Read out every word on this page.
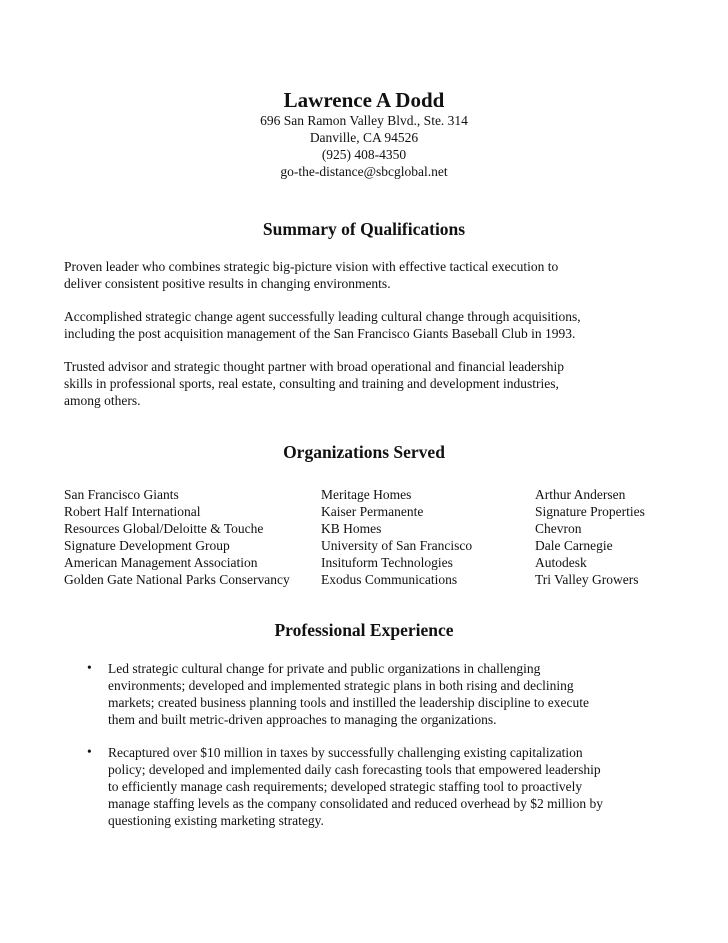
Lawrence A Dodd
696 San Ramon Valley Blvd., Ste. 314
Danville, CA 94526
(925) 408-4350
go-the-distance@sbcglobal.net
Summary of Qualifications
Proven leader who combines strategic big-picture vision with effective tactical execution to
deliver consistent positive results in changing environments.
Accomplished strategic change agent successfully leading cultural change through acquisitions,
including the post acquisition management of the San Francisco Giants Baseball Club in 1993.
Trusted advisor and strategic thought partner with broad operational and financial leadership
skills in professional sports, real estate, consulting and training and development industries,
among others.
Organizations Served
San Francisco Giants
Robert Half International
Resources Global/Deloitte & Touche
Signature Development Group
American Management Association
Golden Gate National Parks Conservancy
Meritage Homes
Kaiser Permanente
KB Homes
University of San Francisco
Insituform Technologies
Exodus Communications
Arthur Andersen
Signature Properties
Chevron
Dale Carnegie
Autodesk
Tri Valley Growers
Professional Experience
• Led strategic cultural change for private and public organizations in challenging
environments; developed and implemented strategic plans in both rising and declining
markets; created business planning tools and instilled the leadership discipline to execute
them and built metric-driven approaches to managing the organizations.
• Recaptured over $10 million in taxes by successfully challenging existing capitalization
policy; developed and implemented daily cash forecasting tools that empowered leadership
to efficiently manage cash requirements; developed strategic staffing tool to proactively
manage staffing levels as the company consolidated and reduced overhead by $2 million by
questioning existing marketing strategy.
